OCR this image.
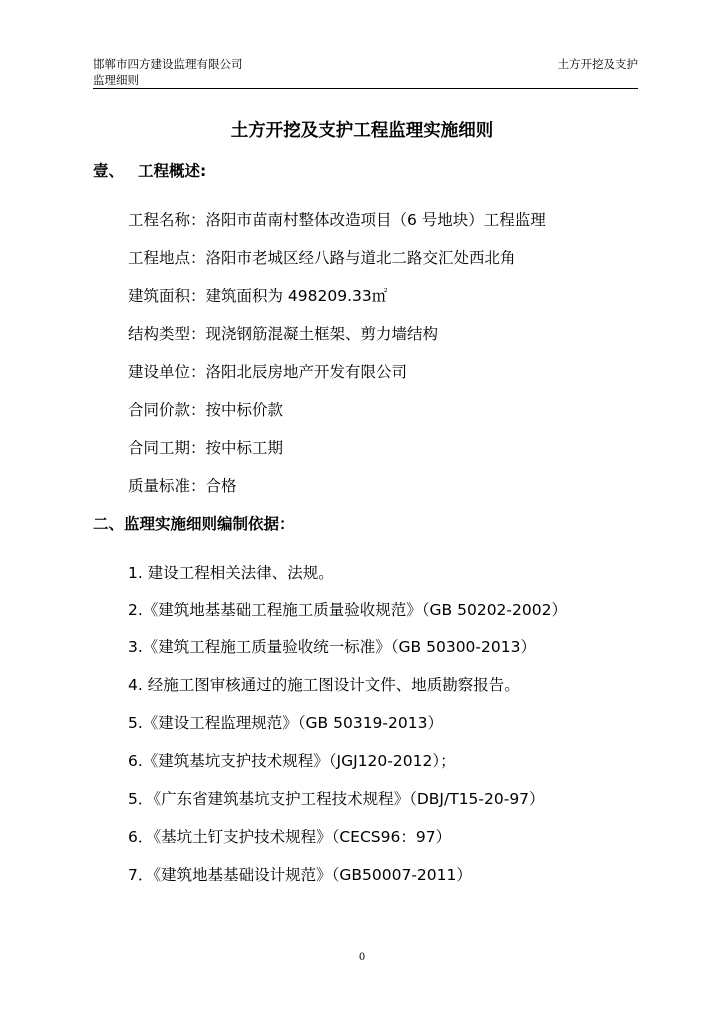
邯郸市四方建设监理有限公司
监理细则
土方开挖及支护
土方开挖及支护工程监理实施细则
壹、 工程概述:
工程名称：洛阳市苗南村整体改造项目（6 号地块）工程监理
工程地点：洛阳市老城区经八路与道北二路交汇处西北角
建筑面积：建筑面积为 498209.33㎡
结构类型：现浇钢筋混凝土框架、剪力墙结构
建设单位：洛阳北辰房地产开发有限公司
合同价款：按中标价款
合同工期：按中标工期
质量标准：合格
二、监理实施细则编制依据：
1. 建设工程相关法律、法规。
2.《建筑地基基础工程施工质量验收规范》（GB 50202-2002）
3.《建筑工程施工质量验收统一标准》（GB 50300-2013）
4. 经施工图审核通过的施工图设计文件、地质勘察报告。
5.《建设工程监理规范》（GB 50319-2013）
6.《建筑基坑支护技术规程》（JGJ120-2012）；
5．《广东省建筑基坑支护工程技术规程》（DBJ/T15-20-97）
6．《基坑土钉支护技术规程》（CECS96：97）
7．《建筑地基基础设计规范》（GB50007-2011）
0
